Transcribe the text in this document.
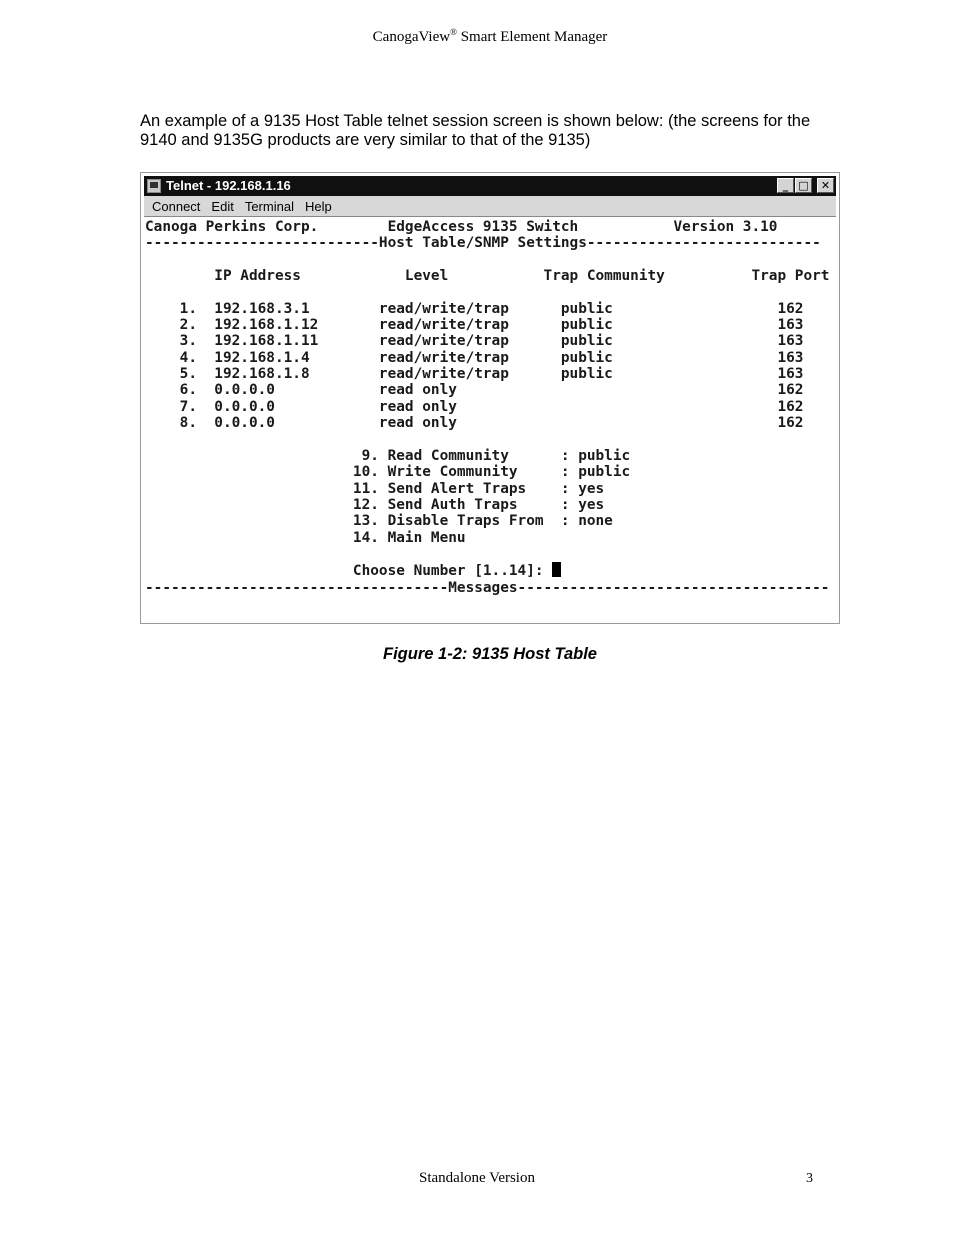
CanogaView® Smart Element Manager
An example of a 9135 Host Table telnet session screen is shown below: (the screens for the 9140 and 9135G products are very similar to that of the 9135)
Telnet - 192.168.1.16	_ □	✕
Connect Edit Terminal Help
Canoga Perkins Corp.        EdgeAccess 9135 Switch           Version 3.10
---------------------------Host Table/SNMP Settings---------------------------

IP Address            Level           Trap Community          Trap Port

1.  192.168.3.1        read/write/trap      public                   162
2.  192.168.1.12       read/write/trap      public                   163
3.  192.168.1.11       read/write/trap      public                   163
4.  192.168.1.4        read/write/trap      public                   163
5.  192.168.1.8        read/write/trap      public                   163
6.  0.0.0.0            read only                                     162
7.  0.0.0.0            read only                                     162
8.  0.0.0.0            read only                                     162

9. Read Community      : public
10. Write Community     : public
11. Send Alert Traps    : yes
12. Send Auth Traps     : yes
13. Disable Traps From  : none
14. Main Menu

Choose Number [1..14]:
-----------------------------------Messages------------------------------------
Figure 1-2: 9135 Host Table
Standalone Version	3
